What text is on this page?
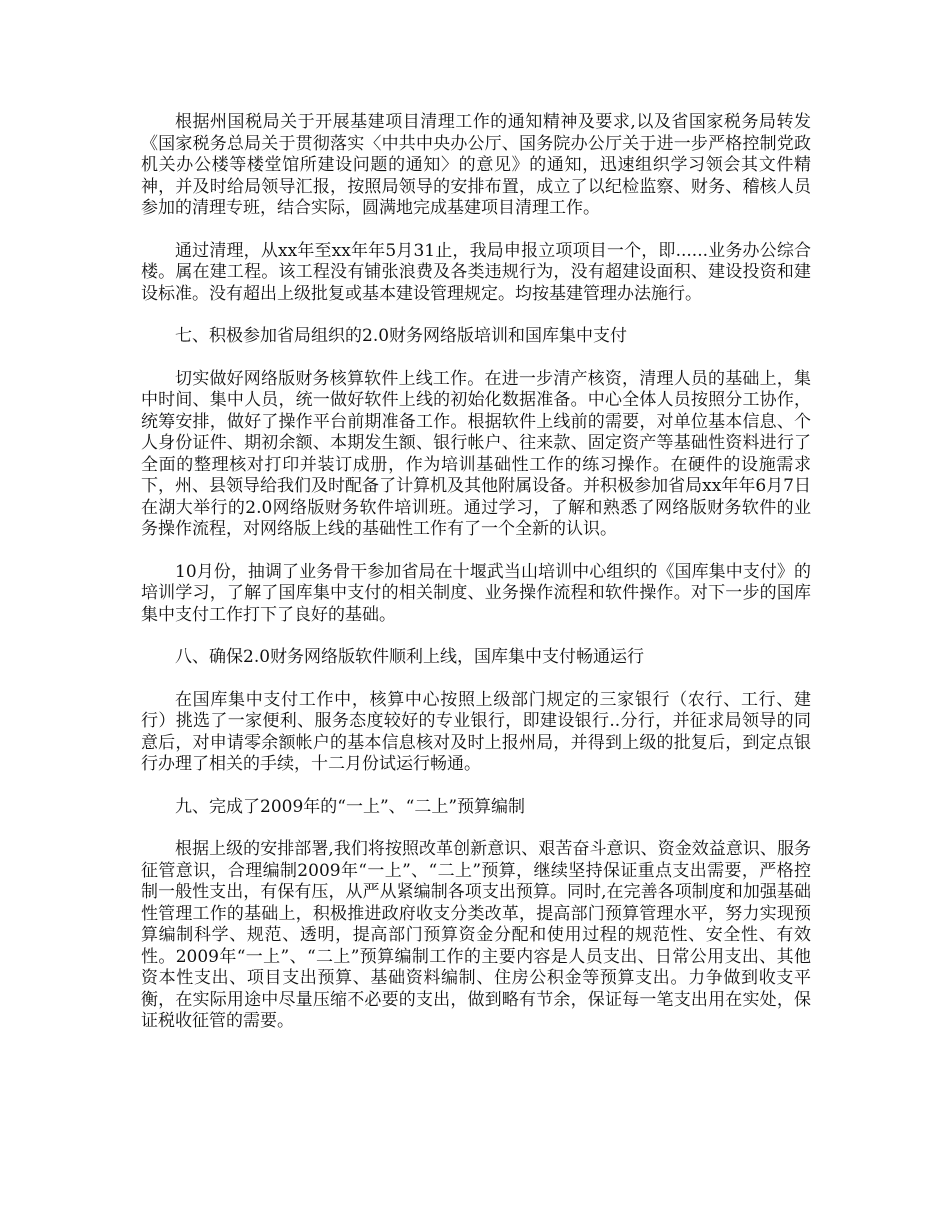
根据州国税局关于开展基建项目清理工作的通知精神及要求,以及省国家税务局转发《国家税务总局关于贯彻落实〈中共中央办公厅、国务院办公厅关于进一步严格控制党政机关办公楼等楼堂馆所建设问题的通知〉的意见》的通知，迅速组织学习领会其文件精神，并及时给局领导汇报，按照局领导的安排布置，成立了以纪检监察、财务、稽核人员参加的清理专班，结合实际，圆满地完成基建项目清理工作。

通过清理，从xx年至xx年年5月31止，我局申报立项项目一个，即......业务办公综合楼。属在建工程。该工程没有铺张浪费及各类违规行为，没有超建设面积、建设投资和建设标准。没有超出上级批复或基本建设管理规定。均按基建管理办法施行。

七、积极参加省局组织的2.0财务网络版培训和国库集中支付

切实做好网络版财务核算软件上线工作。在进一步清产核资，清理人员的基础上，集中时间、集中人员，统一做好软件上线的初始化数据准备。中心全体人员按照分工协作，统筹安排，做好了操作平台前期准备工作。根据软件上线前的需要，对单位基本信息、个人身份证件、期初余额、本期发生额、银行帐户、往来款、固定资产等基础性资料进行了全面的整理核对打印并装订成册，作为培训基础性工作的练习操作。在硬件的设施需求下，州、县领导给我们及时配备了计算机及其他附属设备。并积极参加省局xx年年6月7日在湖大举行的2.0网络版财务软件培训班。通过学习，了解和熟悉了网络版财务软件的业务操作流程，对网络版上线的基础性工作有了一个全新的认识。

10月份，抽调了业务骨干参加省局在十堰武当山培训中心组织的《国库集中支付》的培训学习，了解了国库集中支付的相关制度、业务操作流程和软件操作。对下一步的国库集中支付工作打下了良好的基础。

八、确保2.0财务网络版软件顺利上线，国库集中支付畅通运行

在国库集中支付工作中，核算中心按照上级部门规定的三家银行（农行、工行、建行）挑选了一家便利、服务态度较好的专业银行，即建设银行..分行，并征求局领导的同意后，对申请零余额帐户的基本信息核对及时上报州局，并得到上级的批复后，到定点银行办理了相关的手续，十二月份试运行畅通。

九、完成了2009年的“一上”、“二上”预算编制

根据上级的安排部署,我们将按照改革创新意识、艰苦奋斗意识、资金效益意识、服务征管意识，合理编制2009年“一上”、“二上”预算，继续坚持保证重点支出需要，严格控制一般性支出，有保有压，从严从紧编制各项支出预算。同时,在完善各项制度和加强基础性管理工作的基础上，积极推进政府收支分类改革，提高部门预算管理水平，努力实现预算编制科学、规范、透明，提高部门预算资金分配和使用过程的规范性、安全性、有效性。2009年“一上”、“二上”预算编制工作的主要内容是人员支出、日常公用支出、其他资本性支出、项目支出预算、基础资料编制、住房公积金等预算支出。力争做到收支平衡，在实际用途中尽量压缩不必要的支出，做到略有节余，保证每一笔支出用在实处，保证税收征管的需要。
